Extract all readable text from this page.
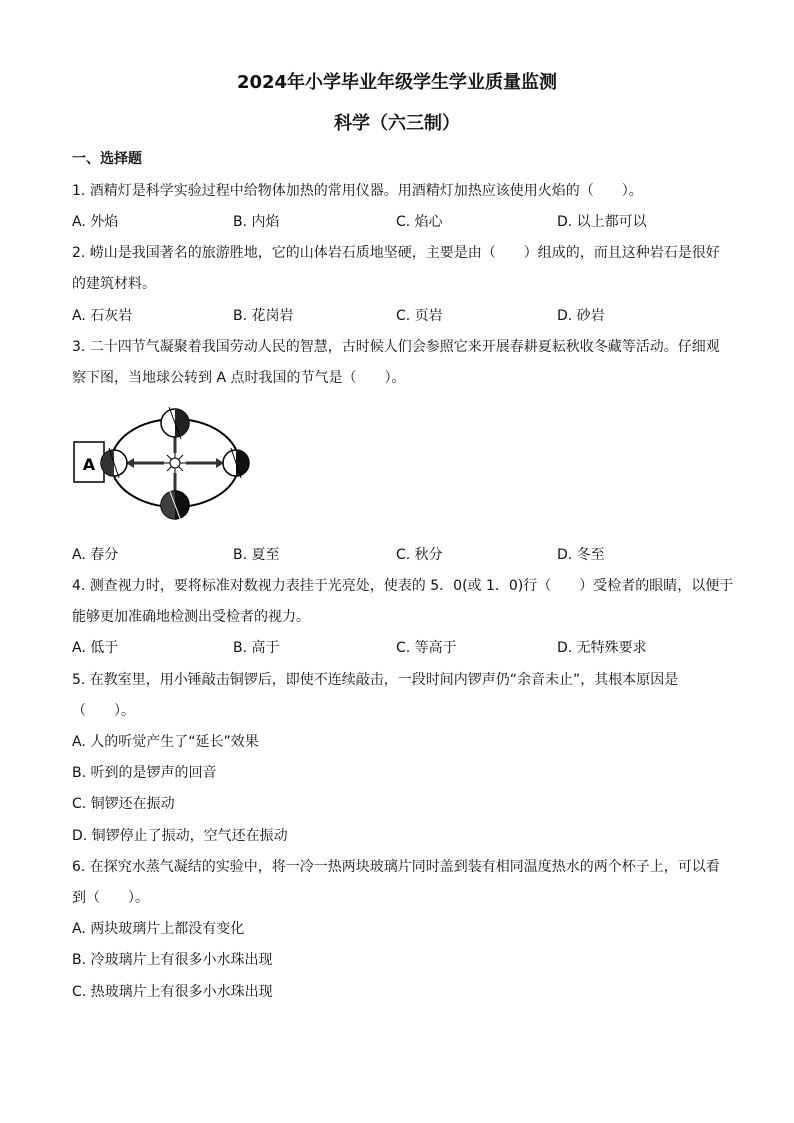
2024年小学毕业年级学生学业质量监测
科学（六三制）
一、选择题
1. 酒精灯是科学实验过程中给物体加热的常用仪器。用酒精灯加热应该使用火焰的（　　）。
A. 外焰	B. 内焰	C. 焰心	D. 以上都可以
2. 崂山是我国著名的旅游胜地，它的山体岩石质地坚硬，主要是由（　　）组成的，而且这种岩石是很好
的建筑材料。
A. 石灰岩	B. 花岗岩	C. 页岩	D. 砂岩
3. 二十四节气凝聚着我国劳动人民的智慧，古时候人们会参照它来开展春耕夏耘秋收冬藏等活动。仔细观
察下图，当地球公转到 A 点时我国的节气是（　　）。
A
A. 春分	B. 夏至	C. 秋分	D. 冬至
4. 测查视力时，要将标准对数视力表挂于光亮处，使表的 5．0(或 1．0)行（　　）受检者的眼睛，以便于
能够更加准确地检测出受检者的视力。
A. 低于	B. 高于	C. 等高于	D. 无特殊要求
5. 在教室里，用小锤敲击铜锣后，即使不连续敲击，一段时间内锣声仍“余音未止”，其根本原因是
（　　）。
A. 人的听觉产生了“延长”效果
B. 听到的是锣声的回音
C. 铜锣还在振动
D. 铜锣停止了振动，空气还在振动
6. 在探究水蒸气凝结的实验中，将一冷一热两块玻璃片同时盖到装有相同温度热水的两个杯子上，可以看
到（　　）。
A. 两块玻璃片上都没有变化
B. 冷玻璃片上有很多小水珠出现
C. 热玻璃片上有很多小水珠出现
